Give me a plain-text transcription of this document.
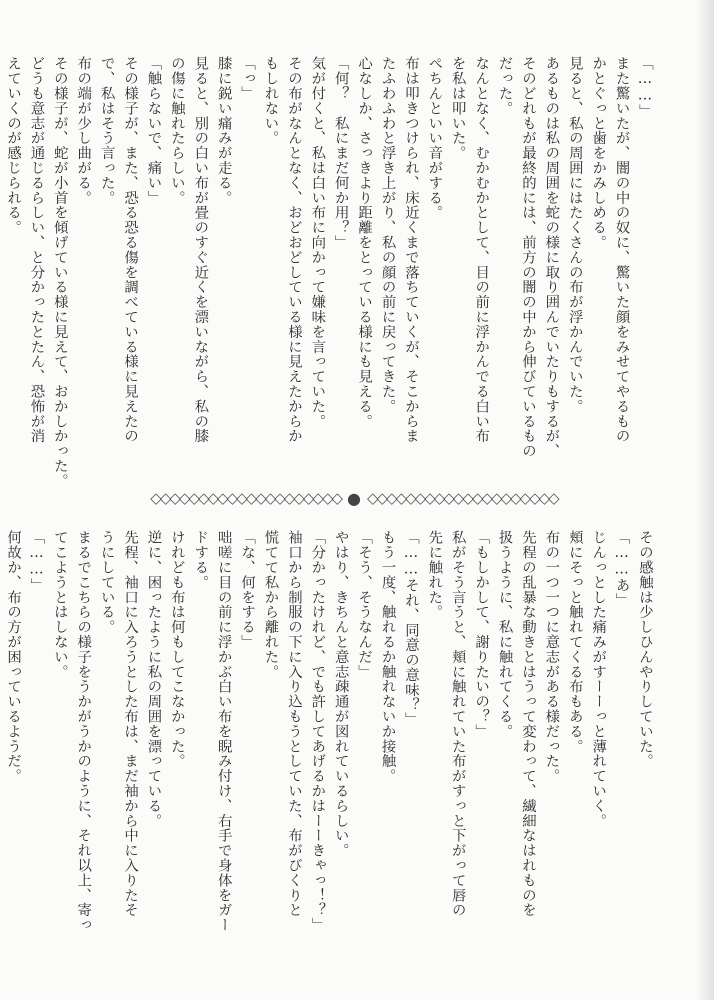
「……」
また驚いたが、闇の中の奴に、驚いた顔をみせてやるもの
かとぐっと歯をかみしめる。
見ると、私の周囲にはたくさんの布が浮かんでいた。
あるものは私の周囲を蛇の様に取り囲んでいたりもするが、
そのどれもが最終的には、前方の闇の中から伸びているもの
だった。
なんとなく、むかむかとして、目の前に浮かんでる白い布
を私は叩いた。
ぺちんといい音がする。
布は叩きつけられ、床近くまで落ちていくが、そこからま
たふわふわと浮き上がり、私の顔の前に戻ってきた。
心なしか、さっきより距離をとっている様にも見える。
「何？　私にまだ何か用？」
気が付くと、私は白い布に向かって嫌味を言っていた。
その布がなんとなく、おどおどしている様に見えたからか
もしれない。
「っ」
膝に鋭い痛みが走る。
見ると、別の白い布が畳のすぐ近くを漂いながら、私の膝
の傷に触れたらしい。
「触らないで、痛い」
その様子が、また、恐る恐る傷を調べている様に見えたの
で、私はそう言った。
布の端が少し曲がる。
その様子が、蛇が小首を傾げている様に見えて、おかしかった。
どうも意志が通じるらしい、と分かったとたん、恐怖が消
えていくのが感じられる。
◇◇◇◇◇◇◇◇◇◇◇◇◇◇◇◇◇◇◇◇ ● ◇◇◇◇◇◇◇◇◇◇◇◇◇◇◇◇◇◇◇◇
その感触は少しひんやりしていた。
「……あ」
じんっとした痛みがすーーっと薄れていく。
頬にそっと触れてくる布もある。
布の一つ一つに意志がある様だった。
先程の乱暴な動きとはうって変わって、繊細なはれものを
扱うように、私に触れてくる。
「もしかして、謝りたいの？」
私がそう言うと、頬に触れていた布がすっと下がって唇の
先に触れた。
「……それ、同意の意味？」
もう一度、触れるか触れないか接触。
「そう、そうなんだ」
やはり、きちんと意志疎通が図れているらしい。
「分かったけれど、でも許してあげるかはーーきゃっ！？」
袖口から制服の下に入り込もうとしていた、布がびくりと
慌てて私から離れた。
「な、何をする」
咄嗟に目の前に浮かぶ白い布を睨み付け、右手で身体をガー
ドする。
けれども布は何もしてこなかった。
逆に、困ったように私の周囲を漂っている。
先程、袖口に入ろうとした布は、まだ袖から中に入りたそ
うにしている。
まるでこちらの様子をうかがうかのように、それ以上、寄っ
てこようとはしない。
「……」
何故か、布の方が困っているようだ。
